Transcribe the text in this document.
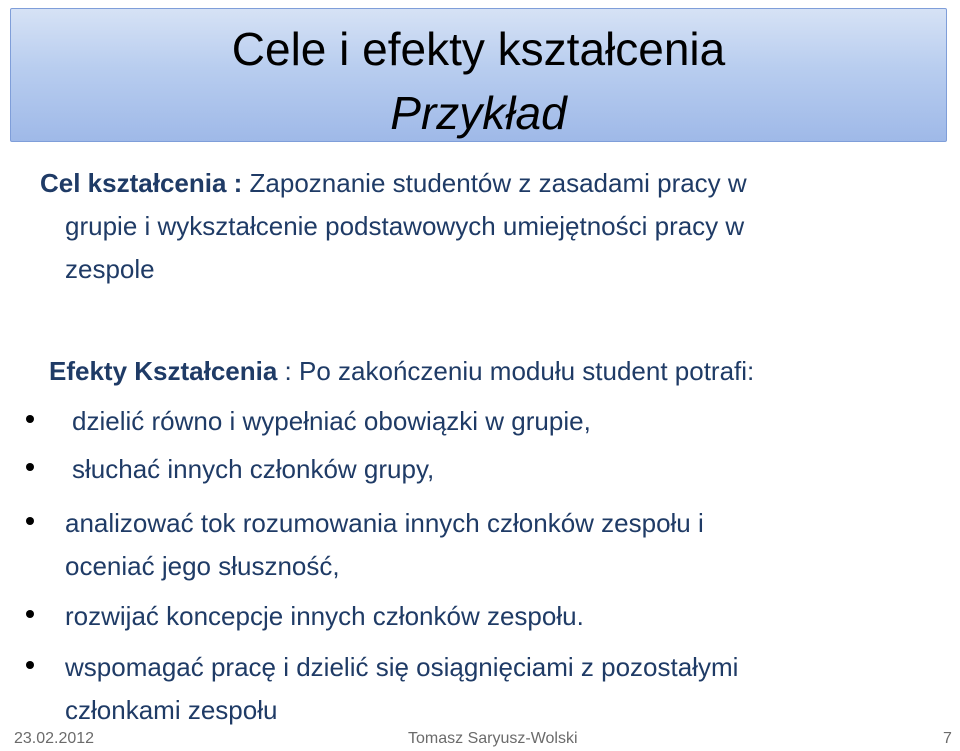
Cele i efekty kształcenia
Przykład
Cel kształcenia : Zapoznanie studentów z zasadami pracy w
grupie i wykształcenie podstawowych umiejętności pracy w
zespole
Efekty Kształcenia : Po zakończeniu modułu student potrafi:
dzielić równo i wypełniać obowiązki w grupie,
słuchać innych członków grupy,
analizować tok rozumowania innych członków zespołu i
oceniać jego słuszność,
rozwijać koncepcje innych członków zespołu.
wspomagać pracę i dzielić się osiągnięciami z pozostałymi
członkami zespołu
23.02.2012	Tomasz Saryusz-Wolski	7
